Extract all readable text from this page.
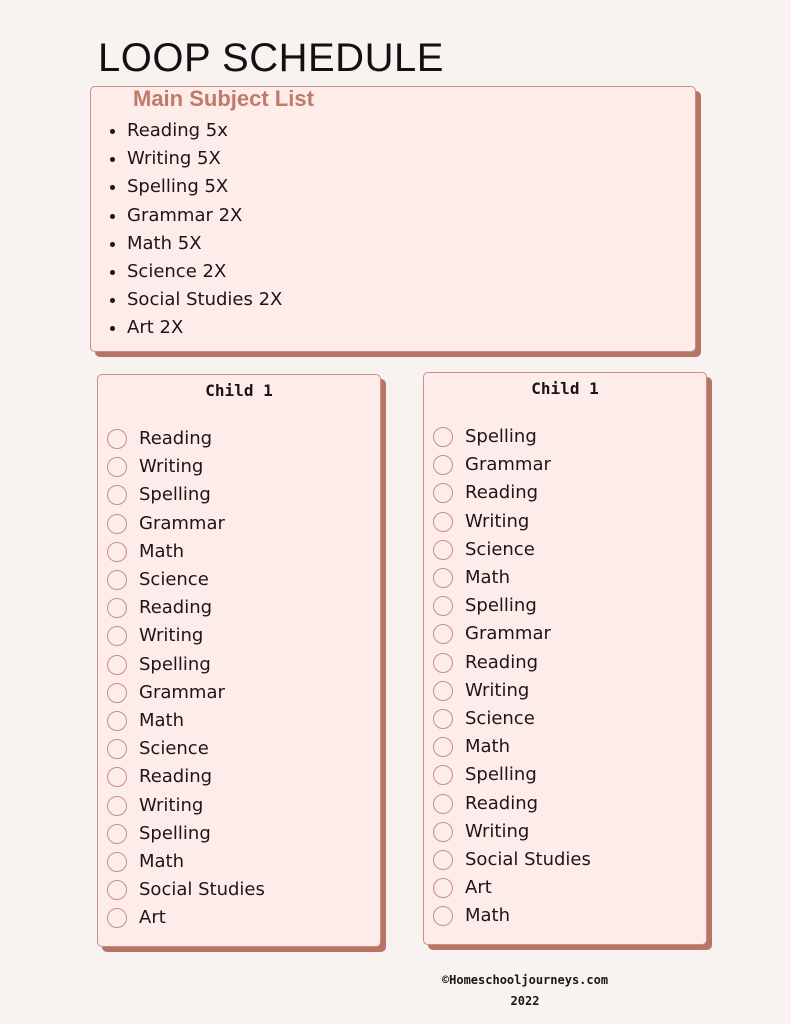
LOOP SCHEDULE
Main Subject List
Reading 5x
Writing 5X
Spelling 5X
Grammar 2X
Math 5X
Science 2X
Social Studies 2X
Art 2X
Child 1
Reading
Writing
Spelling
Grammar
Math
Science
Reading
Writing
Spelling
Grammar
Math
Science
Reading
Writing
Spelling
Math
Social Studies
Art
Child 1
Spelling
Grammar
Reading
Writing
Science
Math
Spelling
Grammar
Reading
Writing
Science
Math
Spelling
Reading
Writing
Social Studies
Art
Math
©Homeschooljourneys.com
2022
